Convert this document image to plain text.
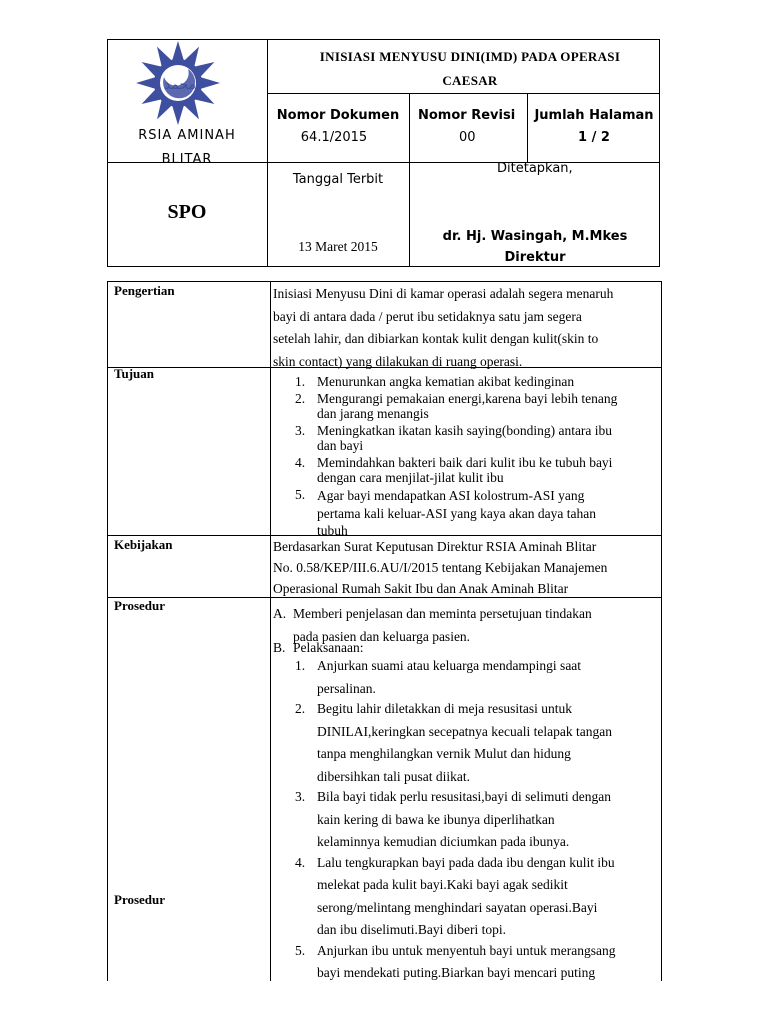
محمد
RSIA AMINAH
BLITAR
INISIASI MENYUSU DINI(IMD) PADA OPERASI CAESAR
Nomor Dokumen
64.1/2015
Nomor Revisi
00
Jumlah Halaman
1 / 2
SPO
Tanggal Terbit
13 Maret 2015
Ditetapkan,
dr. Hj. Wasingah, M.Mkes
Direktur
Pengertian	Inisiasi Menyusu Dini di kamar operasi adalah segera menaruh
bayi di antara dada / perut ibu setidaknya satu jam segera
setelah lahir, dan dibiarkan kontak kulit dengan kulit(skin to
skin contact) yang dilakukan di ruang operasi.
Tujuan
1. Menurunkan angka kematian akibat kedinginan
2. Mengurangi pemakaian energi,karena bayi lebih tenang
dan jarang menangis
3. Meningkatkan ikatan kasih saying(bonding) antara ibu
dan bayi
4. Memindahkan bakteri baik dari kulit ibu ke tubuh bayi
dengan cara menjilat-jilat kulit ibu
5. Agar bayi mendapatkan ASI kolostrum-ASI yang
pertama kali keluar-ASI yang kaya akan daya tahan
tubuh
Kebijakan	Berdasarkan Surat Keputusan Direktur RSIA Aminah Blitar
No. 0.58/KEP/III.6.AU/I/2015 tentang Kebijakan Manajemen
Operasional Rumah Sakit Ibu dan Anak Aminah Blitar
Prosedur
Prosedur
A. Memberi penjelasan dan meminta persetujuan tindakan
pada pasien dan keluarga pasien.
B. Pelaksanaan:
1. Anjurkan suami atau keluarga mendampingi saat
persalinan.
2. Begitu lahir diletakkan di meja resusitasi untuk
DINILAI,keringkan secepatnya kecuali telapak tangan
tanpa menghilangkan vernik Mulut dan hidung
dibersihkan tali pusat diikat.
3. Bila bayi tidak perlu resusitasi,bayi di selimuti dengan
kain kering di bawa ke ibunya diperlihatkan
kelaminnya kemudian diciumkan pada ibunya.
4. Lalu tengkurapkan bayi pada dada ibu dengan kulit ibu
melekat pada kulit bayi.Kaki bayi agak sedikit
serong/melintang menghindari sayatan operasi.Bayi
dan ibu diselimuti.Bayi diberi topi.
5. Anjurkan ibu untuk menyentuh bayi untuk merangsang
bayi mendekati puting.Biarkan bayi mencari puting
